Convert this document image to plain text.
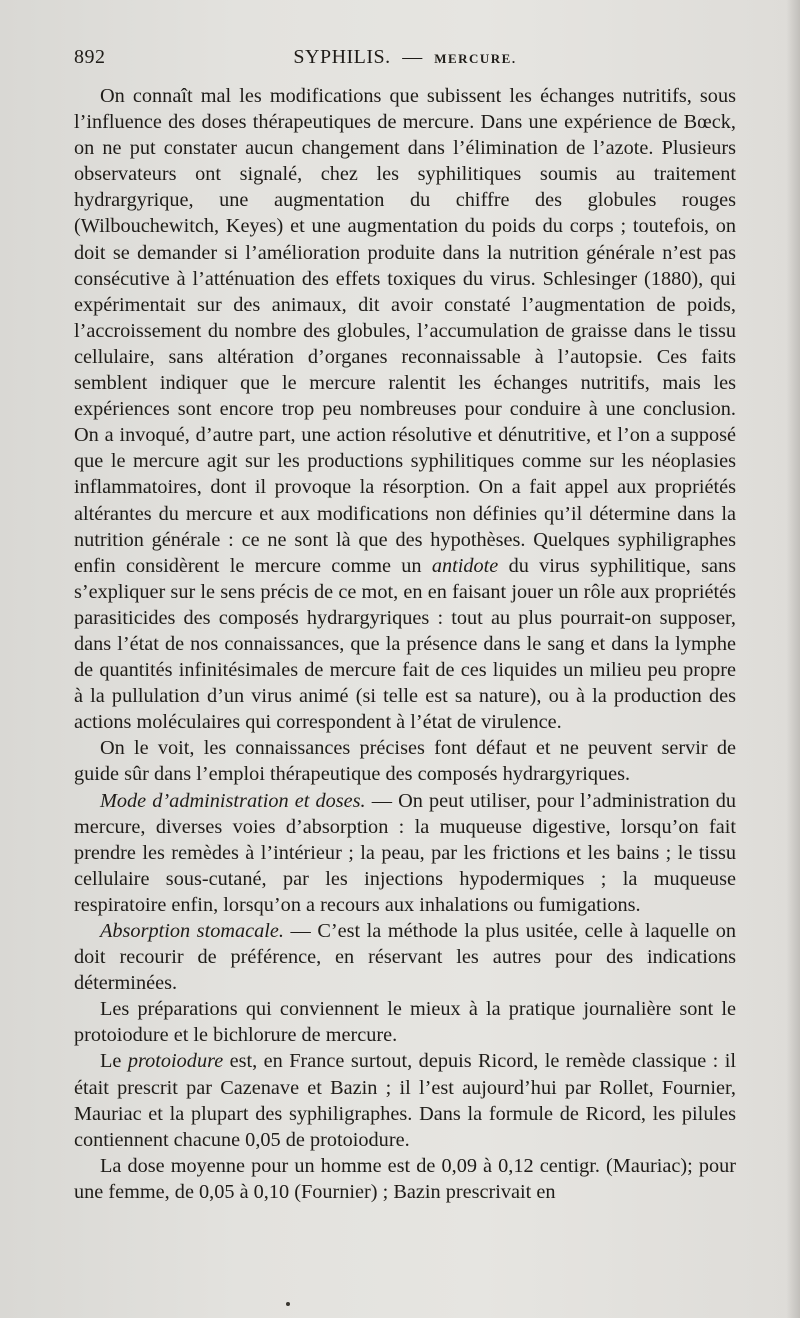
892	SYPHILIS. — MERCURE.

On connaît mal les modifications que subissent les échanges nutritifs, sous l’influence des doses thérapeutiques de mercure. Dans une expérience de Bœck, on ne put constater aucun changement dans l’élimination de l’azote. Plusieurs observateurs ont signalé, chez les syphilitiques soumis au traitement hydrargyrique, une augmentation du chiffre des globules rouges (Wilbouchewitch, Keyes) et une augmentation du poids du corps ; toutefois, on doit se demander si l’amélioration produite dans la nutrition générale n’est pas consécutive à l’atténuation des effets toxiques du virus. Schlesinger (1880), qui expérimentait sur des animaux, dit avoir constaté l’augmentation de poids, l’accroissement du nombre des globules, l’accumulation de graisse dans le tissu cellulaire, sans altération d’organes reconnaissable à l’autopsie. Ces faits semblent indiquer que le mercure ralentit les échanges nutritifs, mais les expériences sont encore trop peu nombreuses pour conduire à une conclusion. On a invoqué, d’autre part, une action résolutive et dénutritive, et l’on a supposé que le mercure agit sur les productions syphilitiques comme sur les néoplasies inflammatoires, dont il provoque la résorption. On a fait appel aux propriétés altérantes du mercure et aux modifications non définies qu’il détermine dans la nutrition générale : ce ne sont là que des hypothèses. Quelques syphiligraphes enfin considèrent le mercure comme un antidote du virus syphilitique, sans s’expliquer sur le sens précis de ce mot, en en faisant jouer un rôle aux propriétés parasiticides des composés hydrargyriques : tout au plus pourrait-on supposer, dans l’état de nos connaissances, que la présence dans le sang et dans la lymphe de quantités infinitésimales de mercure fait de ces liquides un milieu peu propre à la pullulation d’un virus animé (si telle est sa nature), ou à la production des actions moléculaires qui correspondent à l’état de virulence.

On le voit, les connaissances précises font défaut et ne peuvent servir de guide sûr dans l’emploi thérapeutique des composés hydrargyriques.

Mode d’administration et doses. — On peut utiliser, pour l’administration du mercure, diverses voies d’absorption : la muqueuse digestive, lorsqu’on fait prendre les remèdes à l’intérieur ; la peau, par les frictions et les bains ; le tissu cellulaire sous-cutané, par les injections hypodermiques ; la muqueuse respiratoire enfin, lorsqu’on a recours aux inhalations ou fumigations.

Absorption stomacale. — C’est la méthode la plus usitée, celle à laquelle on doit recourir de préférence, en réservant les autres pour des indications déterminées.

Les préparations qui conviennent le mieux à la pratique journalière sont le protoiodure et le bichlorure de mercure.

Le protoiodure est, en France surtout, depuis Ricord, le remède classique : il était prescrit par Cazenave et Bazin ; il l’est aujourd’hui par Rollet, Fournier, Mauriac et la plupart des syphiligraphes. Dans la formule de Ricord, les pilules contiennent chacune 0,05 de protoiodure.

La dose moyenne pour un homme est de 0,09 à 0,12 centigr. (Mauriac); pour une femme, de 0,05 à 0,10 (Fournier) ; Bazin prescrivait en
